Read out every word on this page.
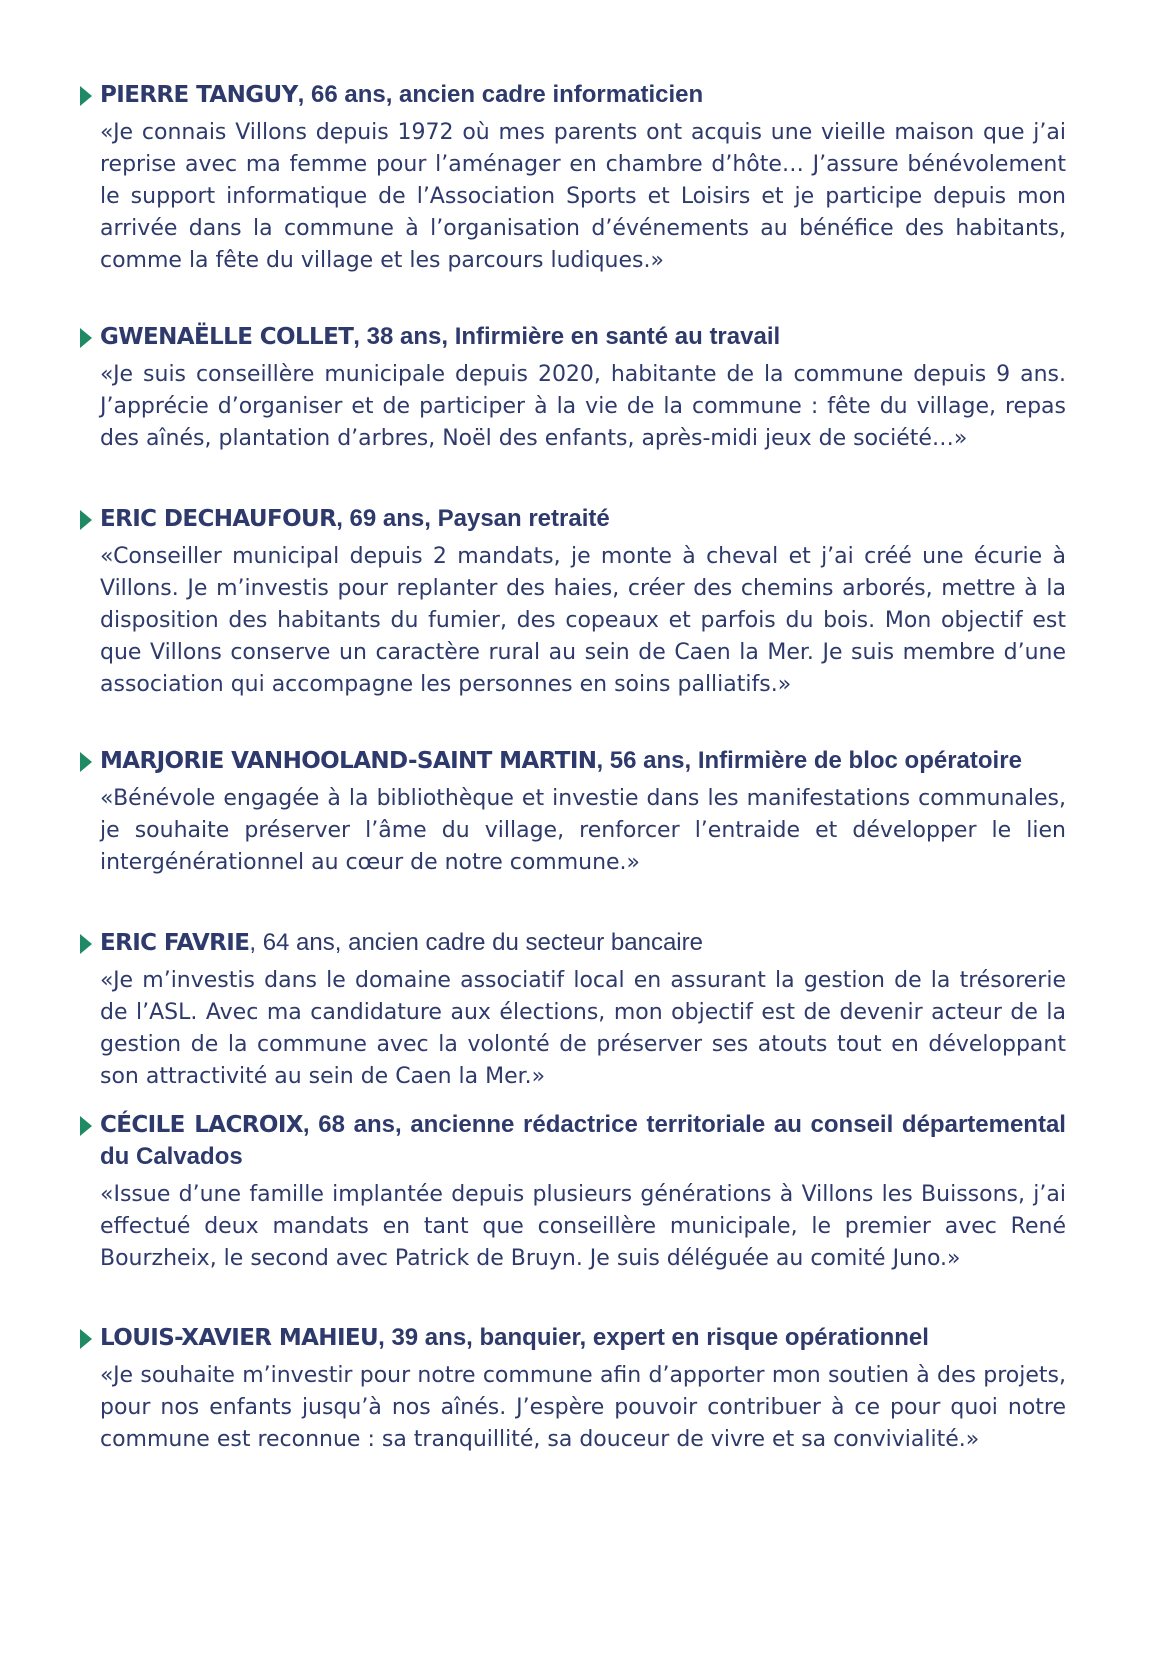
PIERRE TANGUY, 66 ans, ancien cadre informaticien

«Je connais Villons depuis 1972 où mes parents ont acquis une vieille maison que j’ai reprise avec ma femme pour l’aménager en chambre d’hôte… J’assure bénévolement le support informatique de l’Association Sports et Loisirs et je participe depuis mon arrivée dans la commune à l’organisation d’événements au bénéfice des habitants, comme la fête du village et les parcours ludiques.»

GWENAËLLE COLLET, 38 ans, Infirmière en santé au travail

«Je suis conseillère municipale depuis 2020, habitante de la commune depuis 9 ans. J’apprécie d’organiser et de participer à la vie de la commune : fête du village, repas des aînés, plantation d’arbres, Noël des enfants, après-midi jeux de société…»

ERIC DECHAUFOUR, 69 ans, Paysan retraité

«Conseiller municipal depuis 2 mandats, je monte à cheval et j’ai créé une écurie à Villons. Je m’investis pour replanter des haies, créer des chemins arborés, mettre à la disposition des habitants du fumier, des copeaux et parfois du bois. Mon objectif est que Villons conserve un caractère rural au sein de Caen la Mer. Je suis membre d’une association qui accompagne les personnes en soins palliatifs.»

MARJORIE VANHOOLAND-SAINT MARTIN, 56 ans, Infirmière de bloc opératoire

«Bénévole engagée à la bibliothèque et investie dans les manifestations communales, je souhaite préserver l’âme du village, renforcer l’entraide et développer le lien intergénérationnel au cœur de notre commune.»

ERIC FAVRIE, 64 ans, ancien cadre du secteur bancaire

«Je m’investis dans le domaine associatif local en assurant la gestion de la trésorerie de l’ASL. Avec ma candidature aux élections, mon objectif est de devenir acteur de la gestion de la commune avec la volonté de préserver ses atouts tout en développant son attractivité au sein de Caen la Mer.»

CÉCILE LACROIX, 68 ans, ancienne rédactrice territoriale au conseil départemental du Calvados

«Issue d’une famille implantée depuis plusieurs générations à Villons les Buissons, j’ai effectué deux mandats en tant que conseillère municipale, le premier avec René Bourzheix, le second avec Patrick de Bruyn. Je suis déléguée au comité Juno.»

LOUIS-XAVIER MAHIEU, 39 ans, banquier, expert en risque opérationnel

«Je souhaite m’investir pour notre commune afin d’apporter mon soutien à des projets, pour nos enfants jusqu’à nos aînés. J’espère pouvoir contribuer à ce pour quoi notre commune est reconnue : sa tranquillité, sa douceur de vivre et sa convivialité.»
